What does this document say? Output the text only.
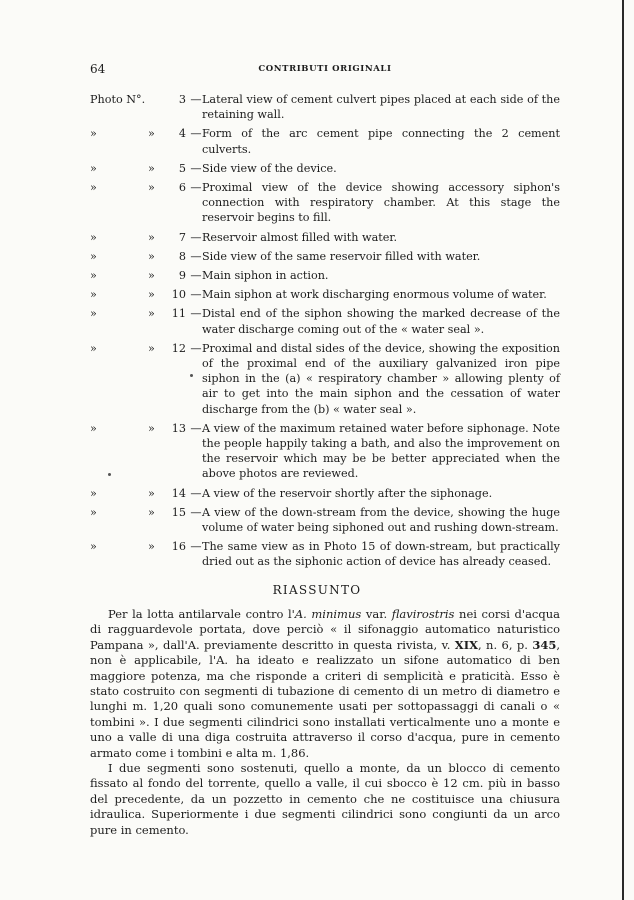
64	CONTRIBUTI ORIGINALI
Photo N°.	3 — Lateral view of cement culvert pipes placed at each side of the retaining wall.
»	»	4 — Form of the arc cement pipe connecting the 2 cement culverts.
»	»	5 — Side view of the device.
»	»	6 — Proximal view of the device showing accessory siphon's connection with respiratory chamber. At this stage the reservoir begins to fill.
»	»	7 — Reservoir almost filled with water.
»	»	8 — Side view of the same reservoir filled with water.
»	»	9 — Main siphon in action.
»	»	10 — Main siphon at work discharging enormous volume of water.
»	»	11 — Distal end of the siphon showing the marked decrease of the water discharge coming out of the « water seal ».
»	»	12 — Proximal and distal sides of the device, showing the exposition of the proximal end of the auxiliary galvanized iron pipe siphon in the (a) « respiratory chamber » allowing plenty of air to get into the main siphon and the cessation of water discharge from the (b) « water seal ».
»	»	13 — A view of the maximum retained water before siphonage. Note the people happily taking a bath, and also the improvement on the reservoir which may be be better appreciated when the above photos are reviewed.
»	»	14 — A view of the reservoir shortly after the siphonage.
»	»	15 — A view of the down-stream from the device, showing the huge volume of water being siphoned out and rushing down-stream.
»	»	16 — The same view as in Photo 15 of down-stream, but practically dried out as the siphonic action of device has already ceased.
RIASSUNTO

Per la lotta antilarvale contro l'A. minimus var. flavirostris nei corsi d'acqua di ragguardevole portata, dove perciò « il sifonaggio automatico naturistico Pampana », dall'A. previamente descritto in questa rivista, v. XIX, n. 6, p. 345, non è applicabile, l'A. ha ideato e realizzato un sifone automatico di ben maggiore potenza, ma che risponde a criteri di semplicità e praticità. Esso è stato costruito con segmenti di tubazione di cemento di un metro di diametro e lunghi m. 1,20 quali sono comunemente usati per sottopassaggi di canali o « tombini ». I due segmenti cilindrici sono installati verticalmente uno a monte e uno a valle di una diga costruita attraverso il corso d'acqua, pure in cemento armato come i tombini e alta m. 1,86.

I due segmenti sono sostenuti, quello a monte, da un blocco di cemento fissato al fondo del torrente, quello a valle, il cui sbocco è 12 cm. più in basso del precedente, da un pozzetto in cemento che ne costituisce una chiusura idraulica. Superiormente i due segmenti cilindrici sono congiunti da un arco pure in cemento.
